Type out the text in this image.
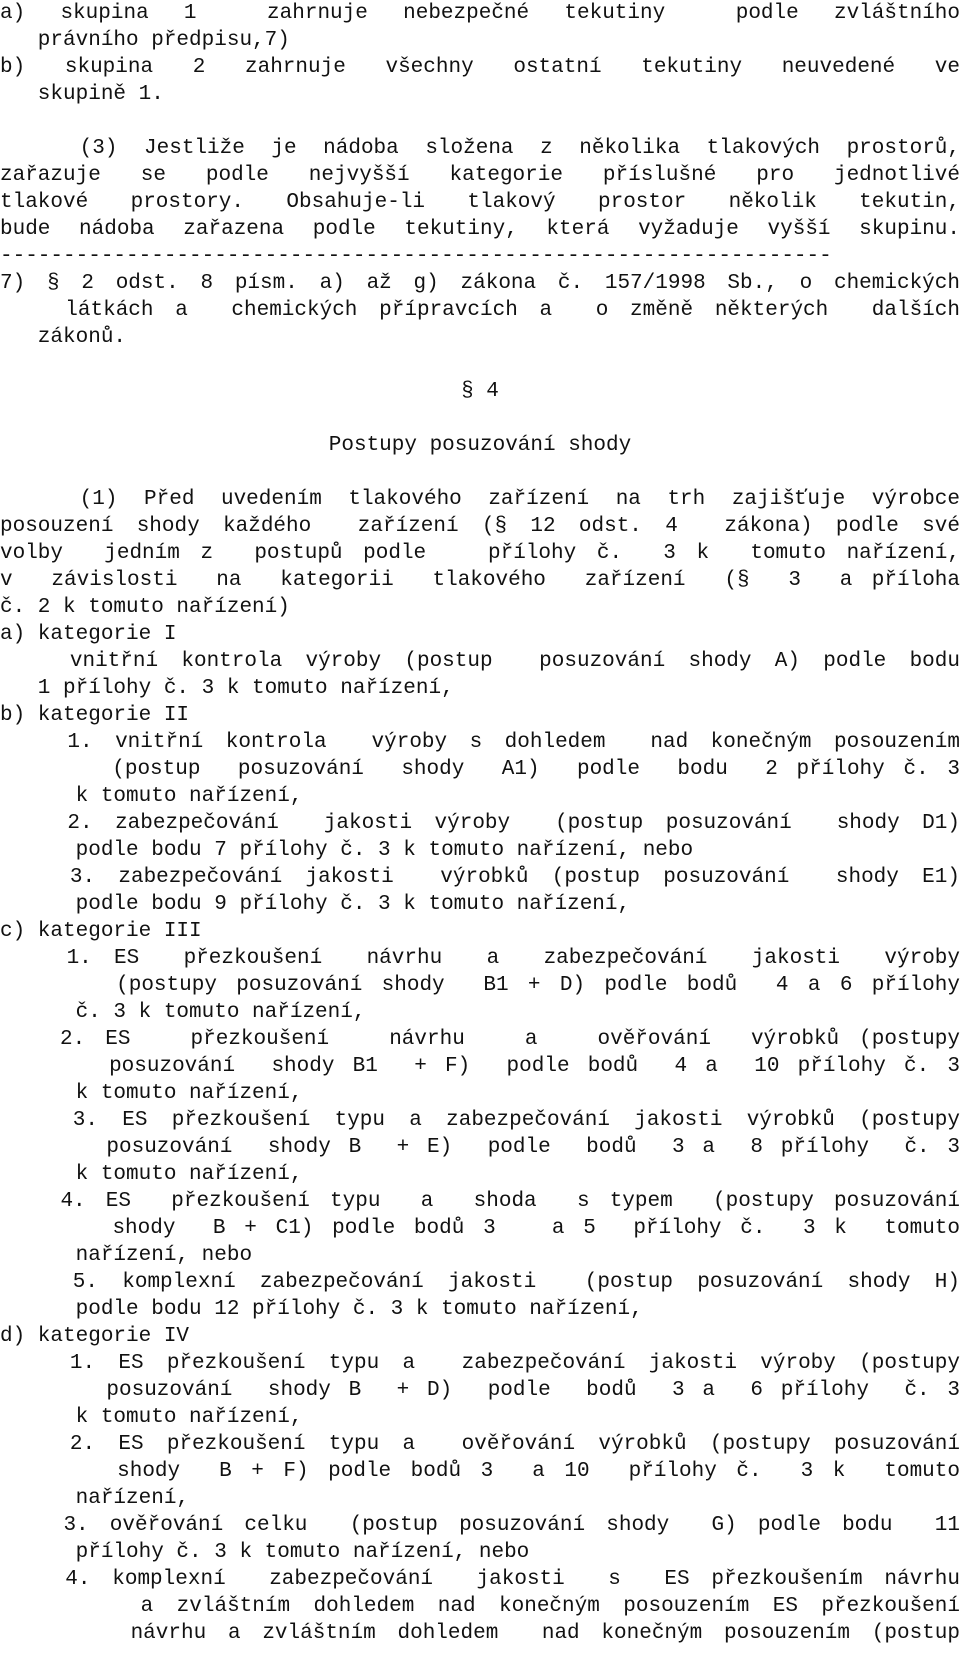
a) skupina 1  zahrnuje nebezpečné tekutiny  podle zvláštního
právního předpisu,7)
b) skupina 2 zahrnuje všechny ostatní tekutiny neuvedené ve
skupině 1.
(3) Jestliže je nádoba složena z několika tlakových prostorů,
zařazuje se podle nejvyšší kategorie příslušné pro jednotlivé
tlakové prostory. Obsahuje-li tlakový prostor několik tekutin,
bude nádoba zařazena podle tekutiny, která vyžaduje vyšší skupinu.
------------------------------------------------------------------
7) § 2 odst. 8 písm. a) až g) zákona č. 157/1998 Sb., o chemických
látkách a  chemických přípravcích a  o změně některých  dalších
zákonů.
§ 4
Postupy posuzování shody
(1) Před uvedením tlakového zařízení na trh zajišťuje výrobce
posouzení shody každého  zařízení (§ 12 odst. 4  zákona) podle své
volby  jedním z  postupů podle   přílohy č.  3 k  tomuto nařízení,
v  závislosti  na  kategorii  tlakového  zařízení  (§  3  a příloha
č. 2 k tomuto nařízení)
a) kategorie I
vnitřní kontrola výroby (postup  posuzování shody A) podle bodu
1 přílohy č. 3 k tomuto nařízení,
b) kategorie II
1. vnitřní kontrola  výroby s dohledem  nad konečným posouzením
(postup  posuzování  shody  A1)  podle  bodu  2 přílohy č. 3
k tomuto nařízení,
2. zabezpečování  jakosti výroby  (postup posuzování  shody D1)
podle bodu 7 přílohy č. 3 k tomuto nařízení, nebo
3. zabezpečování jakosti  výrobků (postup posuzování  shody E1)
podle bodu 9 přílohy č. 3 k tomuto nařízení,
c) kategorie III
1. ES  přezkoušení  návrhu  a  zabezpečování  jakosti  výroby
(postupy posuzování shody  B1 + D) podle bodů  4 a 6 přílohy
č. 3 k tomuto nařízení,
2. ES   přezkoušení   návrhu   a   ověřování  výrobků (postupy
posuzování  shody B1  + F)  podle bodů  4 a  10 přílohy č. 3
k tomuto nařízení,
3. ES přezkoušení typu a zabezpečování jakosti výrobků (postupy
posuzování  shody B  + E)  podle  bodů  3 a  8 přílohy  č. 3
k tomuto nařízení,
4. ES  přezkoušení typu  a  shoda  s typem  (postupy posuzování
shody  B + C1) podle bodů 3   a 5  přílohy č.  3 k  tomuto
nařízení, nebo
5. komplexní zabezpečování jakosti  (postup posuzování shody H)
podle bodu 12 přílohy č. 3 k tomuto nařízení,
d) kategorie IV
1. ES přezkoušení typu a  zabezpečování jakosti výroby (postupy
posuzování  shody B  + D)  podle  bodů  3 a  6 přílohy  č. 3
k tomuto nařízení,
2. ES přezkoušení typu a  ověřování výrobků (postupy posuzování
shody  B + F) podle bodů 3  a 10  přílohy č.  3 k  tomuto
nařízení,
3. ověřování celku  (postup posuzování shody  G) podle bodu  11
přílohy č. 3 k tomuto nařízení, nebo
4. komplexní  zabezpečování  jakosti  s  ES přezkoušením návrhu
a zvláštním dohledem nad konečným posouzením ES přezkoušení
návrhu a zvláštním dohledem  nad konečným posouzením (postup
